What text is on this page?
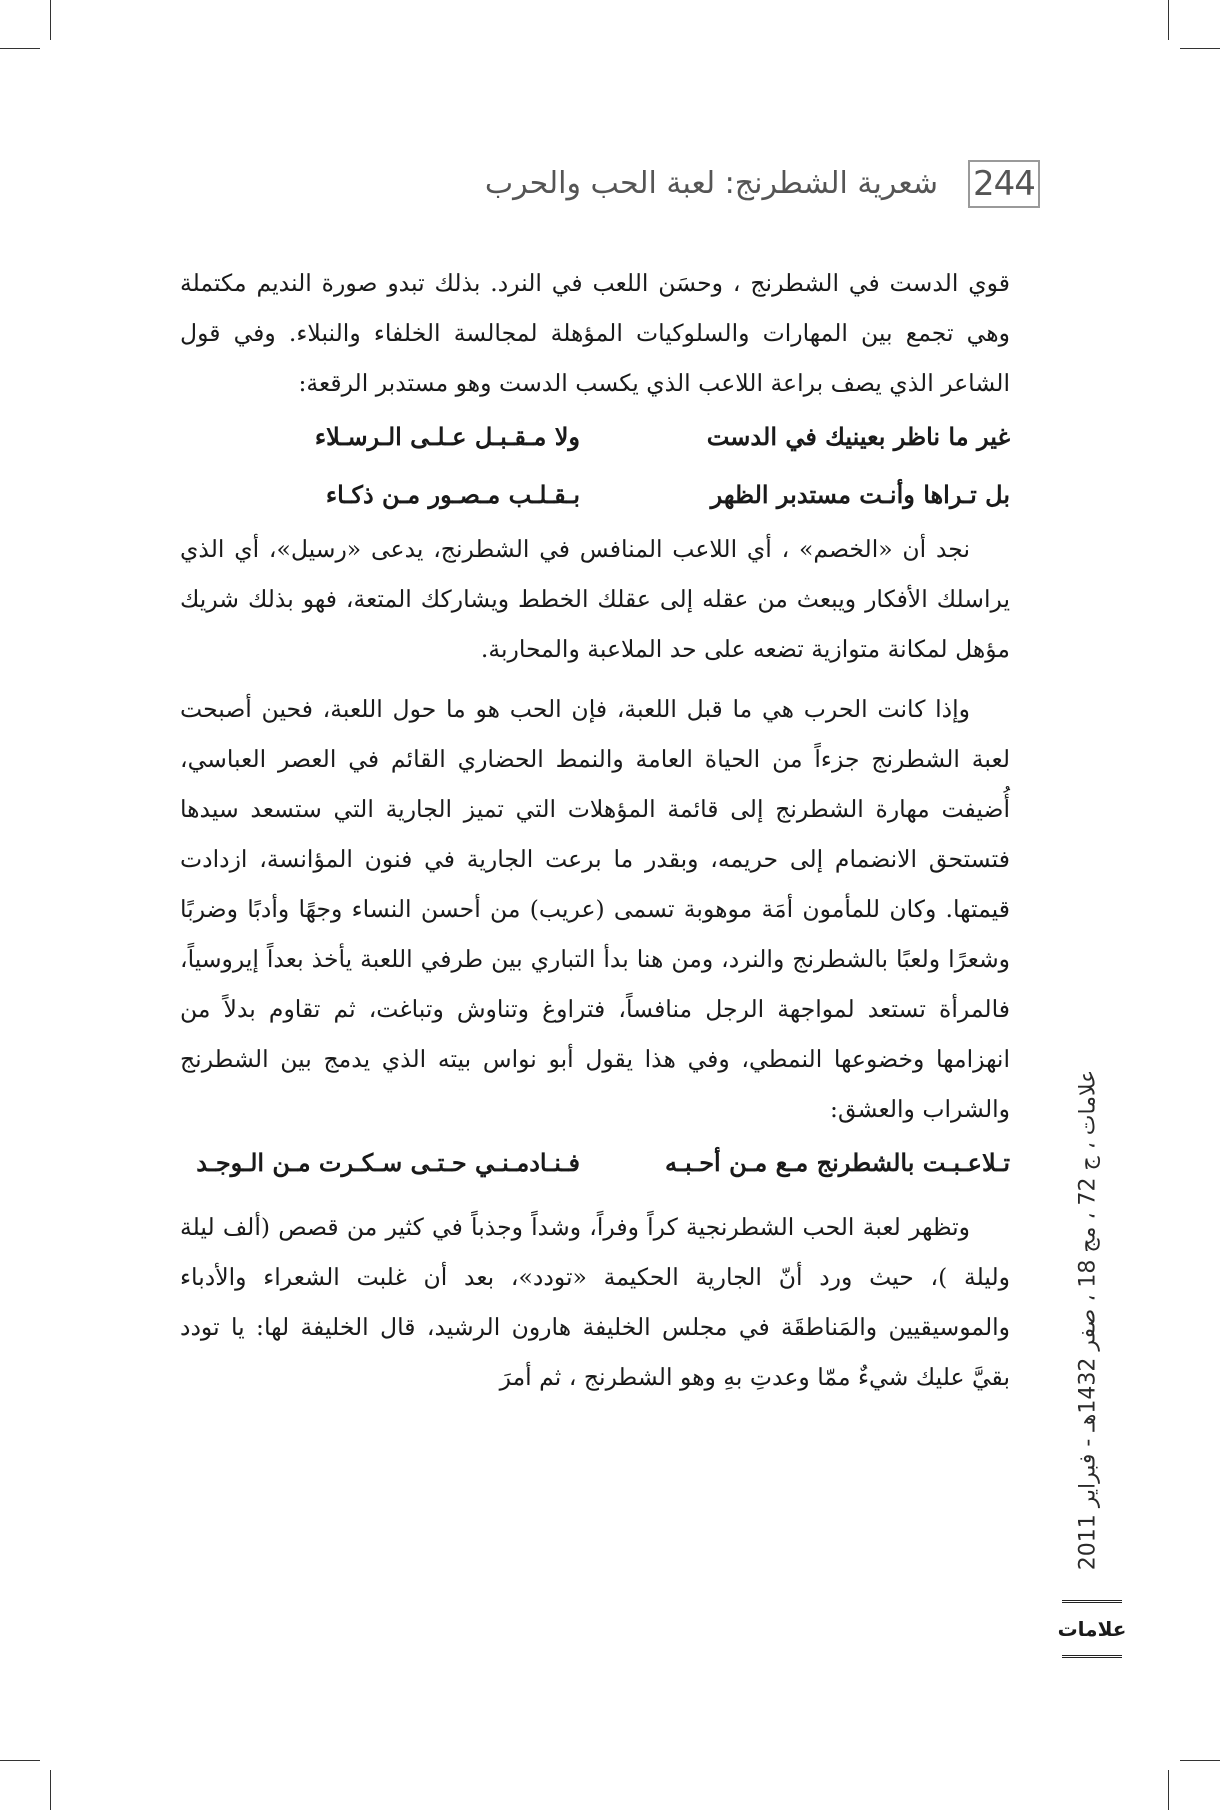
244
شعرية الشطرنج: لعبة الحب والحرب

قوي الدست في الشطرنج ، وحسَن اللعب في النرد. بذلك تبدو صورة النديم مكتملة وهي تجمع بين المهارات والسلوكيات المؤهلة لمجالسة الخلفاء والنبلاء. وفي قول الشاعر الذي يصف براعة اللاعب الذي يكسب الدست وهو مستدبر الرقعة:

غير ما ناظر بعينيك في الدست
ولا مـقـبـل عـلـى الـرسـلاء
بل تـراها وأنـت مستدبر الظهر
بـقـلـب مـصـور مـن ذكـاء

نجد أن «الخصم» ، أي اللاعب المنافس في الشطرنج، يدعى «رسيل»، أي الذي يراسلك الأفكار ويبعث من عقله إلى عقلك الخطط ويشاركك المتعة، فهو بذلك شريك مؤهل لمكانة متوازية تضعه على حد الملاعبة والمحاربة.

وإذا كانت الحرب هي ما قبل اللعبة، فإن الحب هو ما حول اللعبة، فحين أصبحت لعبة الشطرنج جزءاً من الحياة العامة والنمط الحضاري القائم في العصر العباسي، أُضيفت مهارة الشطرنج إلى قائمة المؤهلات التي تميز الجارية التي ستسعد سيدها فتستحق الانضمام إلى حريمه، وبقدر ما برعت الجارية في فنون المؤانسة، ازدادت قيمتها. وكان للمأمون أمَة موهوبة تسمى (عريب) من أحسن النساء وجهًا وأدبًا وضربًا وشعرًا ولعبًا بالشطرنج والنرد، ومن هنا بدأ التباري بين طرفي اللعبة يأخذ بعداً إيروسياً، فالمرأة تستعد لمواجهة الرجل منافساً، فتراوغ وتناوش وتباغت، ثم تقاوم بدلاً من انهزامها وخضوعها النمطي، وفي هذا يقول أبو نواس بيته الذي يدمج بين الشطرنج والشراب والعشق:

تـلاعـبـت بالشطرنج مـع مـن أحـبـه
فـنـادمـنـي حـتـى سـكـرت مـن الـوجـد

وتظهر لعبة الحب الشطرنجية كراً وفراً، وشداً وجذباً في كثير من قصص (ألف ليلة وليلة )، حيث ورد أنّ الجارية الحكيمة «تودد»، بعد أن غلبت الشعراء والأدباء والموسيقيين والمَناطقَة في مجلس الخليفة هارون الرشيد، قال الخليفة لها: يا تودد بقيَّ عليك شيءٌ ممّا وعدتِ بهِ وهو الشطرنج ، ثم أمرَ

علامات ، ج 72 ، مج 18 ، صفر 1432هـ - فبراير 2011
علامات
